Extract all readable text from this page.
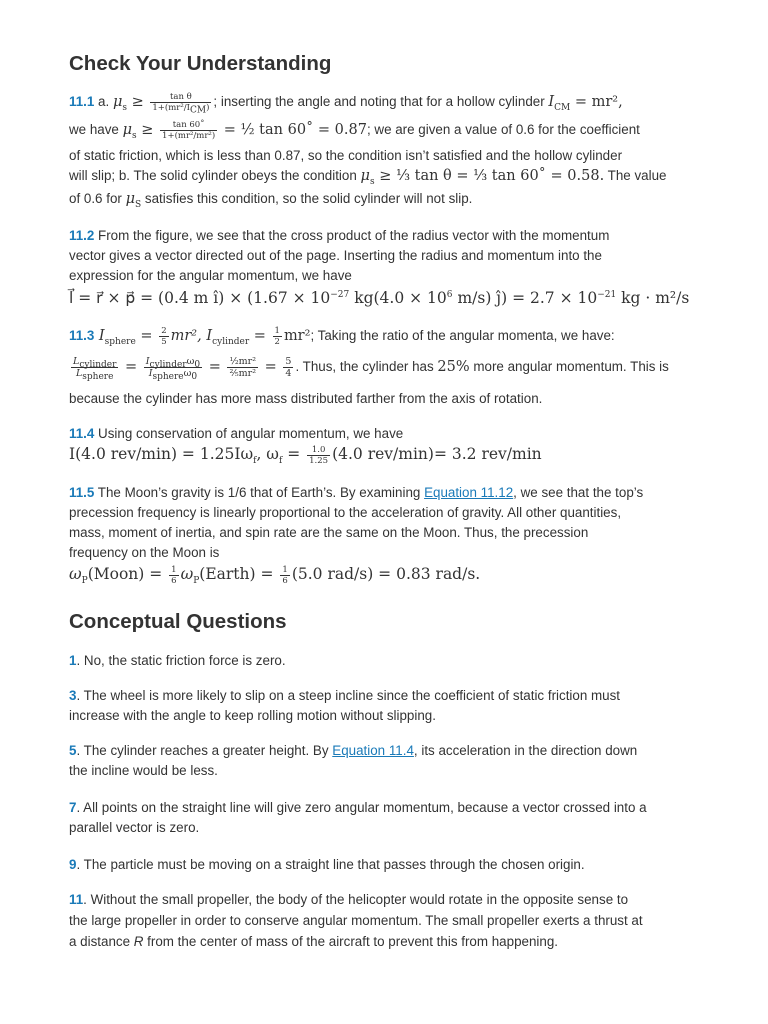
Check Your Understanding
11.1 a. $\mu_s \ge \frac{\text{tan θ}}{1+(mr^2/I_{CM})}$ ; inserting the angle and noting that for a hollow cylinder $I_{CM} = mr^2$,
we have $\mu_s \ge \frac{\tan 60˚}{\text{1+(mr²/mr²)}}$ = ½ tan 60˚ = 0.87; we are given a value of 0.6 for the coefficient
of static friction, which is less than 0.87, so the condition isn’t satisfied and the hollow cylinder
will slip; b. The solid cylinder obeys the condition $\mu_s$ ≥ ⅓ tan θ = ⅓ tan 60˚ = 0.58. The value
of 0.6 for $\mu_S$ satisfies this condition, so the solid cylinder will not slip.
11.2 From the figure, we see that the cross product of the radius vector with the momentum
vector gives a vector directed out of the page. Inserting the radius and momentum into the
expression for the angular momentum, we have
l⃗ = r⃗ × p⃗ = (0.4 m î) × ($1.67 \times 10^{-27}$ $kg(4.0 \times 10^6$ m/s) ĵ) = $2.7 \times 10^{-21}$ kg · m²/s
11.3 $I_{sphere} = \frac{2}{5} mr^2$, $I_{cylinder} = \frac{1}{2} mr^2$; Taking the ratio of the angular momenta, we have:
$\frac{L_{cylinder}}{L_{sphere}} = \frac{I_{cylinder}\omega_0}{I_{sphere}\omega_0} = \frac{\text{½mr²}}{\text{⅖mr²}} = \frac{5}{4}$ . Thus, the cylinder has 25% more angular momentum. This is
because the cylinder has more mass distributed farther from the axis of rotation.
11.4 Using conservation of angular momentum, we have
I(4.0 $rev/\min) = 1.25I\omega_f$, $\omega_f = \frac{1.0}{1.25} (4.0$ rev/min)= 3.2 rev/min
11.5 The Moon’s gravity is 1/6 that of Earth’s. By examining Equation 11.12, we see that the top’s
precession frequency is linearly proportional to the acceleration of gravity. All other quantities,
mass, moment of inertia, and spin rate are the same on the Moon. Thus, the precession
frequency on the Moon is
$\omega_P(Moon) = \frac{1}{6}$ $\omega_P(Earth) = \frac{1}{6} (5.0$ rad/s) = 0.83 rad/s.
Conceptual Questions
1. No, the static friction force is zero.
3. The wheel is more likely to slip on a steep incline since the coefficient of static friction must
increase with the angle to keep rolling motion without slipping.
5. The cylinder reaches a greater height. By Equation 11.4, its acceleration in the direction down
the incline would be less.
7. All points on the straight line will give zero angular momentum, because a vector crossed into a
parallel vector is zero.
9. The particle must be moving on a straight line that passes through the chosen origin.
11. Without the small propeller, the body of the helicopter would rotate in the opposite sense to
the large propeller in order to conserve angular momentum. The small propeller exerts a thrust at
a distance R from the center of mass of the aircraft to prevent this from happening.
